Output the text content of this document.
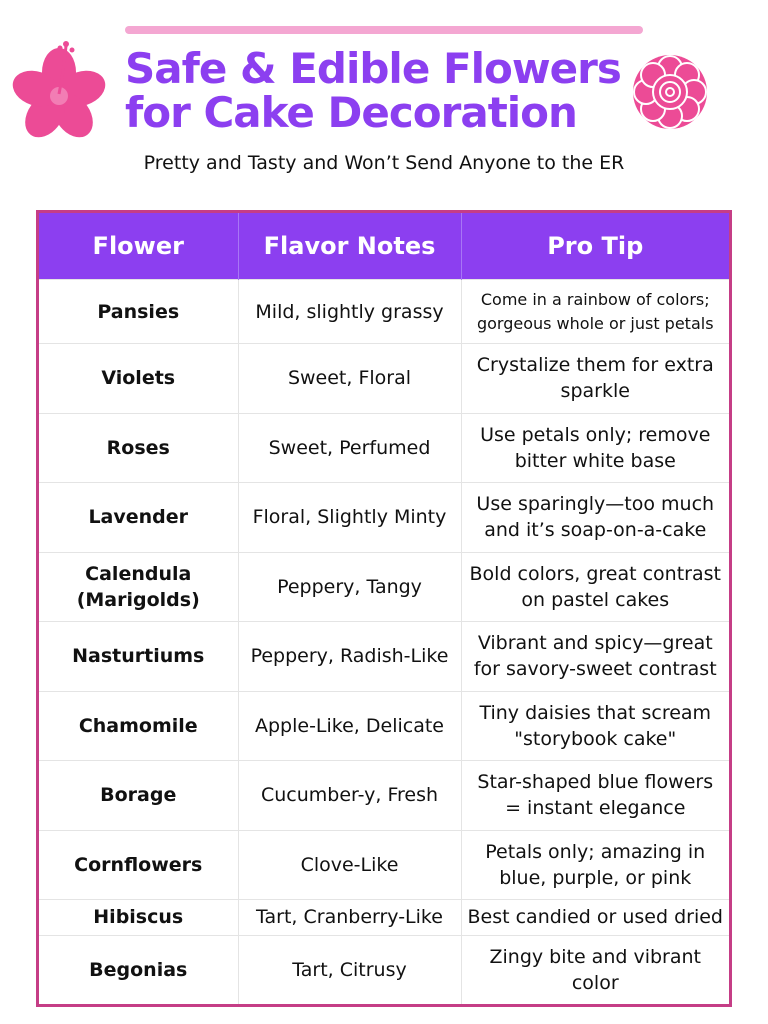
Safe & Edible Flowers
for Cake Decoration

Pretty and Tasty and Won’t Send Anyone to the ER

Flower	Flavor Notes	Pro Tip
Pansies	Mild, slightly grassy	Come in a rainbow of colors; gorgeous whole or just petals
Violets	Sweet, Floral	Crystalize them for extra sparkle
Roses	Sweet, Perfumed	Use petals only; remove bitter white base
Lavender	Floral, Slightly Minty	Use sparingly—too much and it’s soap-on-a-cake
Calendula (Marigolds)	Peppery, Tangy	Bold colors, great contrast on pastel cakes
Nasturtiums	Peppery, Radish-Like	Vibrant and spicy—great for savory-sweet contrast
Chamomile	Apple-Like, Delicate	Tiny daisies that scream "storybook cake"
Borage	Cucumber-y, Fresh	Star-shaped blue flowers = instant elegance
Cornflowers	Clove-Like	Petals only; amazing in blue, purple, or pink
Hibiscus	Tart, Cranberry-Like	Best candied or used dried
Begonias	Tart, Citrusy	Zingy bite and vibrant color
